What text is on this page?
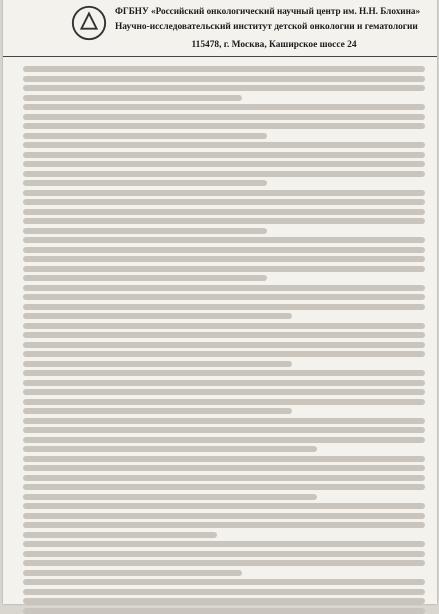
ФГБНУ «Российский онкологический научный центр им. Н.Н. Блохина»
Научно-исследовательский институт детской онкологии и гематологии
115478, г. Москва, Каширское шоссе 24
